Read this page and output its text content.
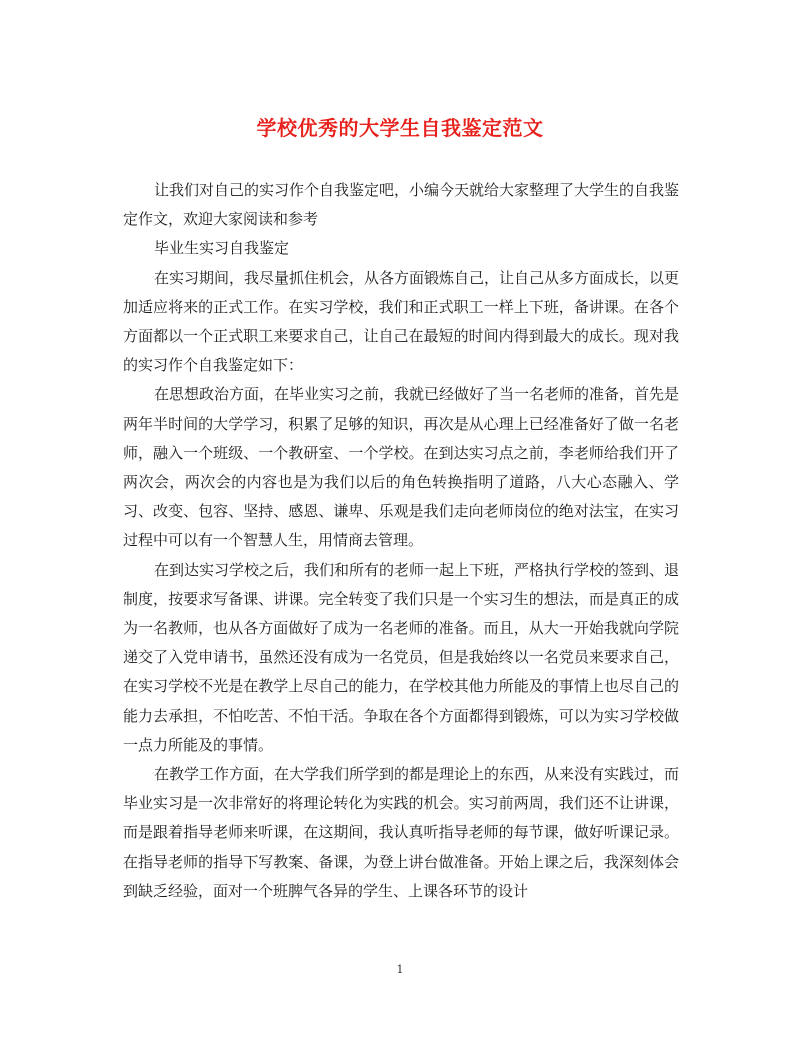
学校优秀的大学生自我鉴定范文

让我们对自己的实习作个自我鉴定吧，小编今天就给大家整理了大学生的自我鉴定作文，欢迎大家阅读和参考

毕业生实习自我鉴定

在实习期间，我尽量抓住机会，从各方面锻炼自己，让自己从多方面成长，以更加适应将来的正式工作。在实习学校，我们和正式职工一样上下班，备讲课。在各个方面都以一个正式职工来要求自己，让自己在最短的时间内得到最大的成长。现对我的实习作个自我鉴定如下：

在思想政治方面，在毕业实习之前，我就已经做好了当一名老师的准备，首先是两年半时间的大学学习，积累了足够的知识，再次是从心理上已经准备好了做一名老师，融入一个班级、一个教研室、一个学校。在到达实习点之前，李老师给我们开了两次会，两次会的内容也是为我们以后的角色转换指明了道路，八大心态融入、学习、改变、包容、坚持、感恩、谦卑、乐观是我们走向老师岗位的绝对法宝，在实习过程中可以有一个智慧人生，用情商去管理。

在到达实习学校之后，我们和所有的老师一起上下班，严格执行学校的签到、退制度，按要求写备课、讲课。完全转变了我们只是一个实习生的想法，而是真正的成为一名教师，也从各方面做好了成为一名老师的准备。而且，从大一开始我就向学院递交了入党申请书，虽然还没有成为一名党员，但是我始终以一名党员来要求自己，在实习学校不光是在教学上尽自己的能力，在学校其他力所能及的事情上也尽自己的能力去承担，不怕吃苦、不怕干活。争取在各个方面都得到锻炼，可以为实习学校做一点力所能及的事情。

在教学工作方面，在大学我们所学到的都是理论上的东西，从来没有实践过，而毕业实习是一次非常好的将理论转化为实践的机会。实习前两周，我们还不让讲课，而是跟着指导老师来听课，在这期间，我认真听指导老师的每节课，做好听课记录。在指导老师的指导下写教案、备课，为登上讲台做准备。开始上课之后，我深刻体会到缺乏经验，面对一个班脾气各异的学生、上课各环节的设计

1
